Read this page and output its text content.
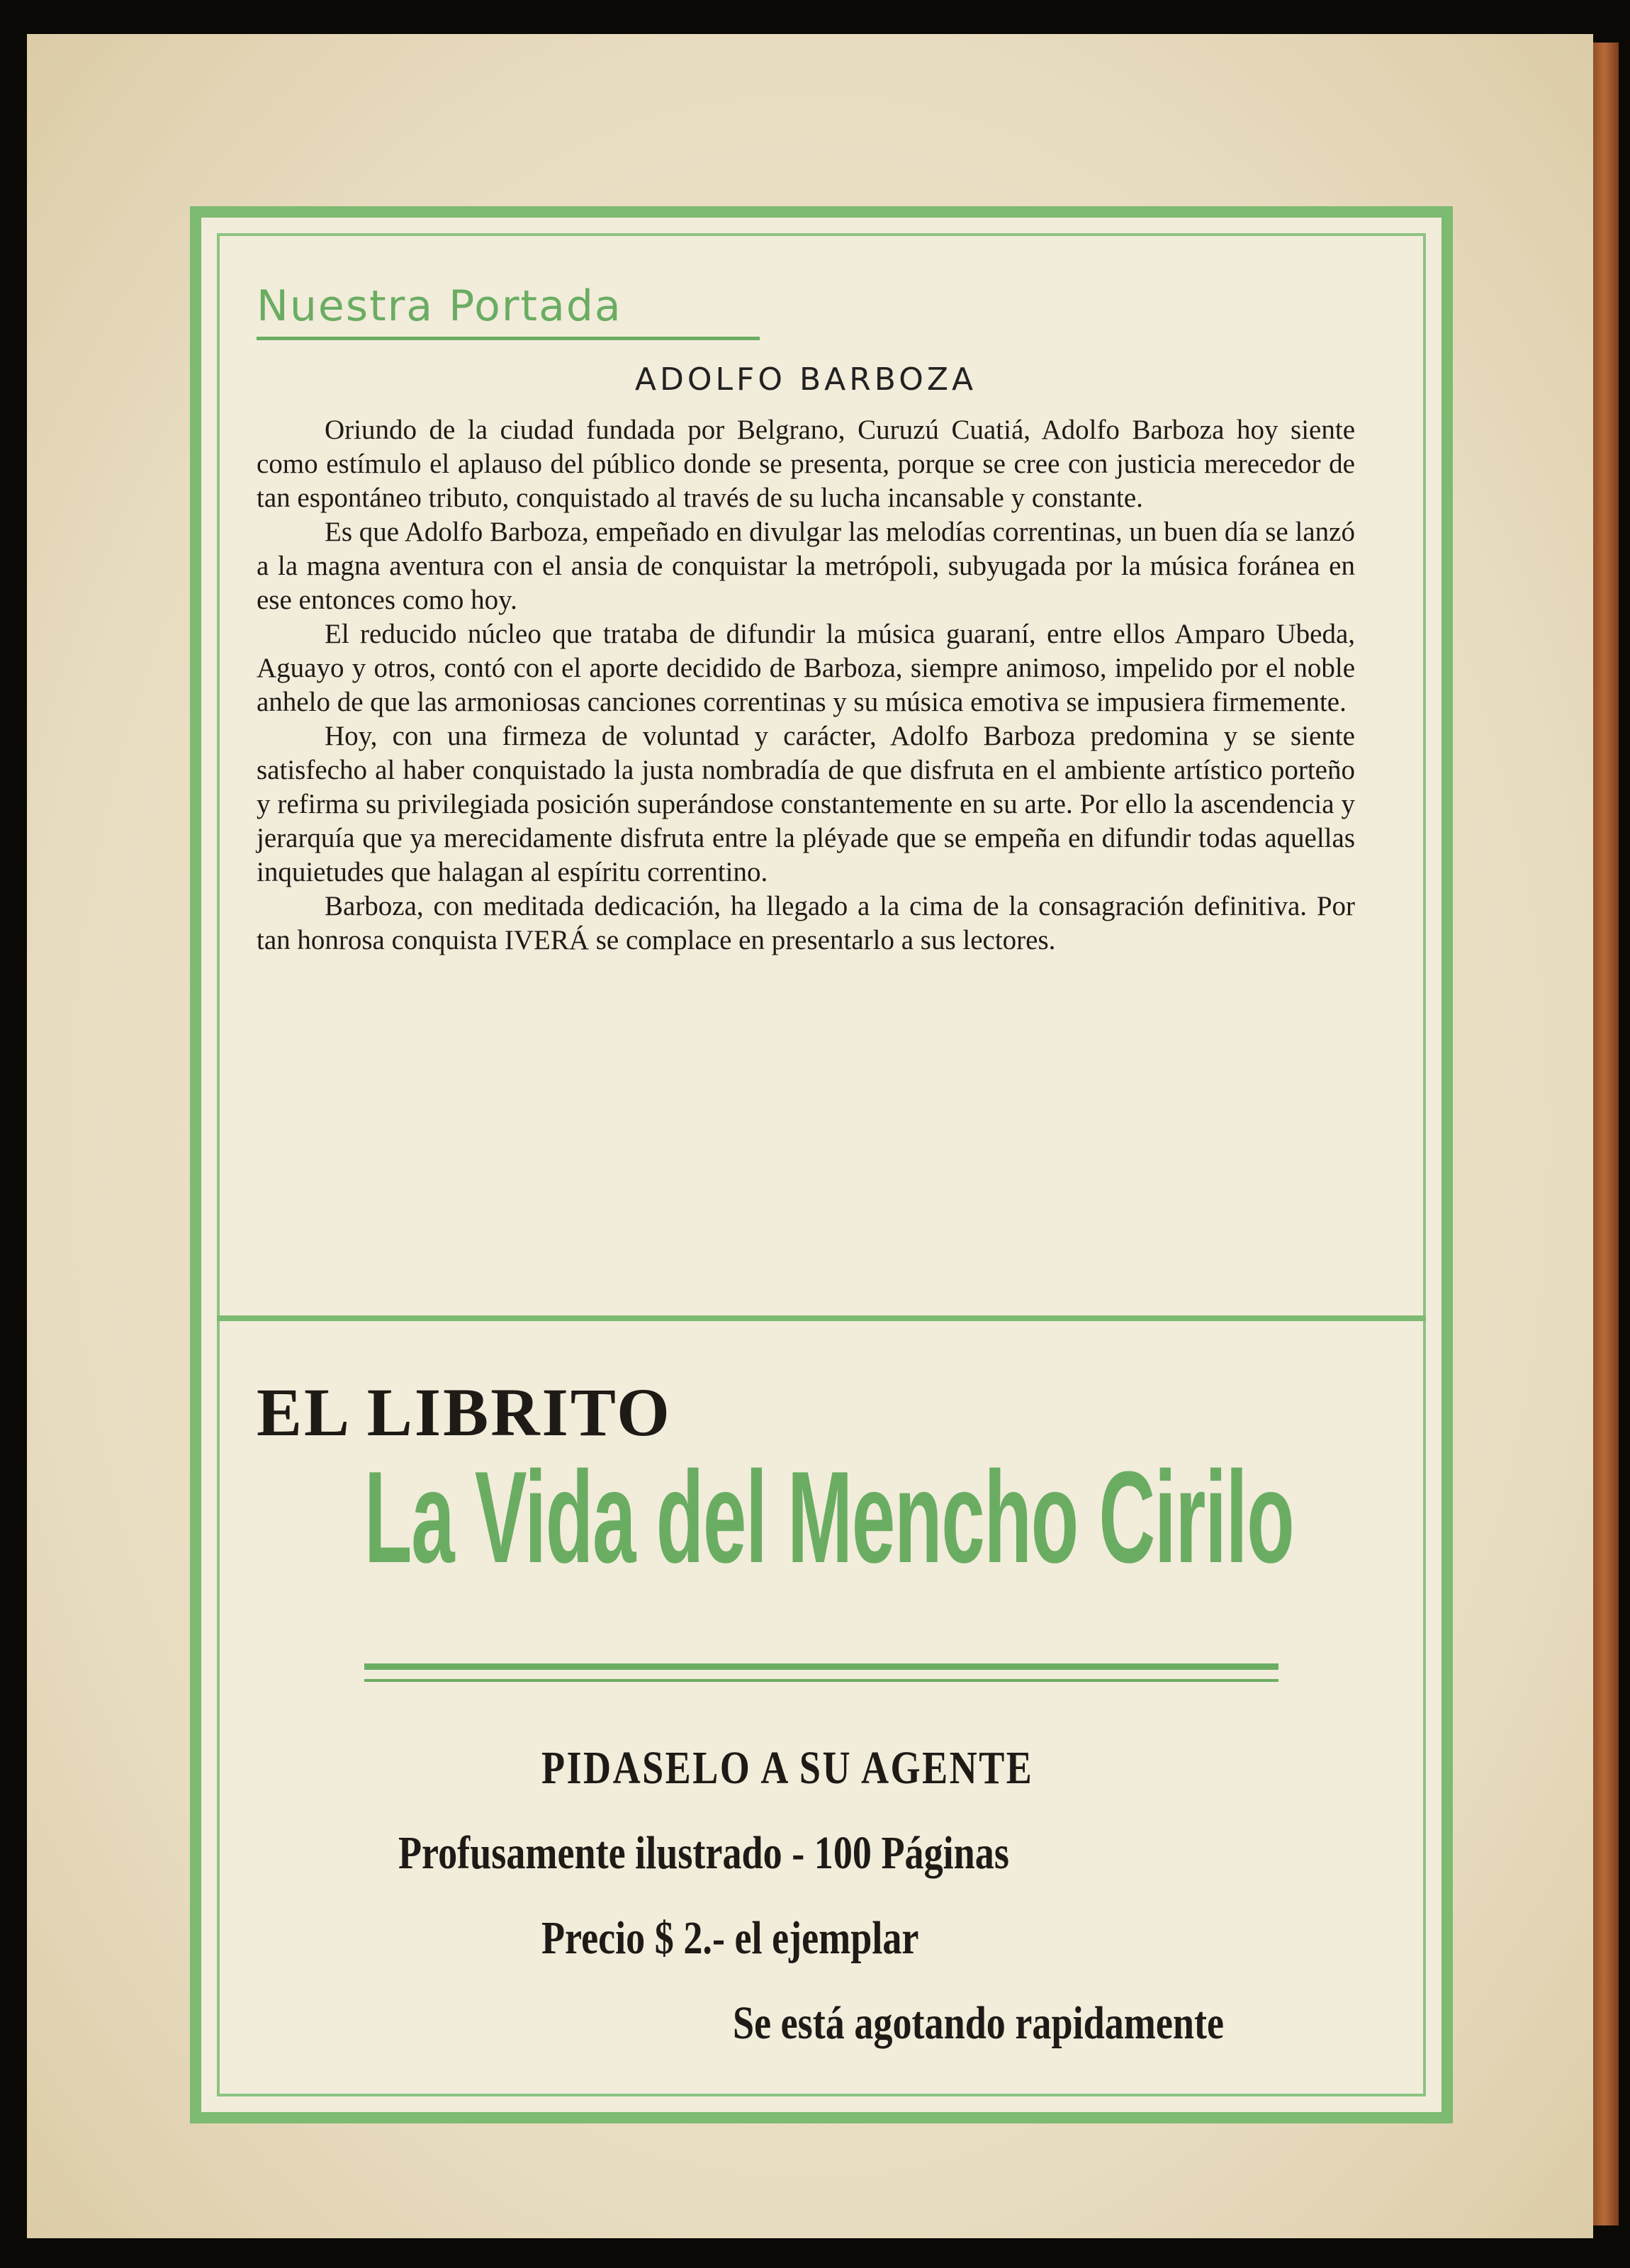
Nuestra Portada
ADOLFO BARBOZA

Oriundo de la ciudad fundada por Belgrano, Curuzú Cuatiá, Adolfo Barboza hoy siente como estímulo el aplauso del público donde se presenta, porque se cree con justicia merecedor de tan espontáneo tributo, conquistado al través de su lucha incansable y constante.

Es que Adolfo Barboza, empeñado en divulgar las melodías correntinas, un buen día se lanzó a la magna aventura con el ansia de conquistar la metrópoli, subyugada por la música foránea en ese entonces como hoy.

El reducido núcleo que trataba de difundir la música guaraní, entre ellos Amparo Ubeda, Aguayo y otros, contó con el aporte decidido de Barboza, siempre animoso, impelido por el noble anhelo de que las armoniosas canciones correntinas y su música emotiva se impusiera firmemente.

Hoy, con una firmeza de voluntad y carácter, Adolfo Barboza predomina y se siente satisfecho al haber conquistado la justa nombradía de que disfruta en el ambiente artístico porteño y refirma su privilegiada posición superándose constantemente en su arte. Por ello la ascendencia y jerarquía que ya merecidamente disfruta entre la pléyade que se empeña en difundir todas aquellas inquietudes que halagan al espíritu correntino.

Barboza, con meditada dedicación, ha llegado a la cima de la consagración definitiva. Por tan honrosa conquista IVERÁ se complace en presentarlo a sus lectores.

EL LIBRITO
La Vida del Mencho Cirilo
PIDASELO A SU AGENTE
Profusamente ilustrado - 100 Páginas
Precio $ 2.- el ejemplar
Se está agotando rapidamente
